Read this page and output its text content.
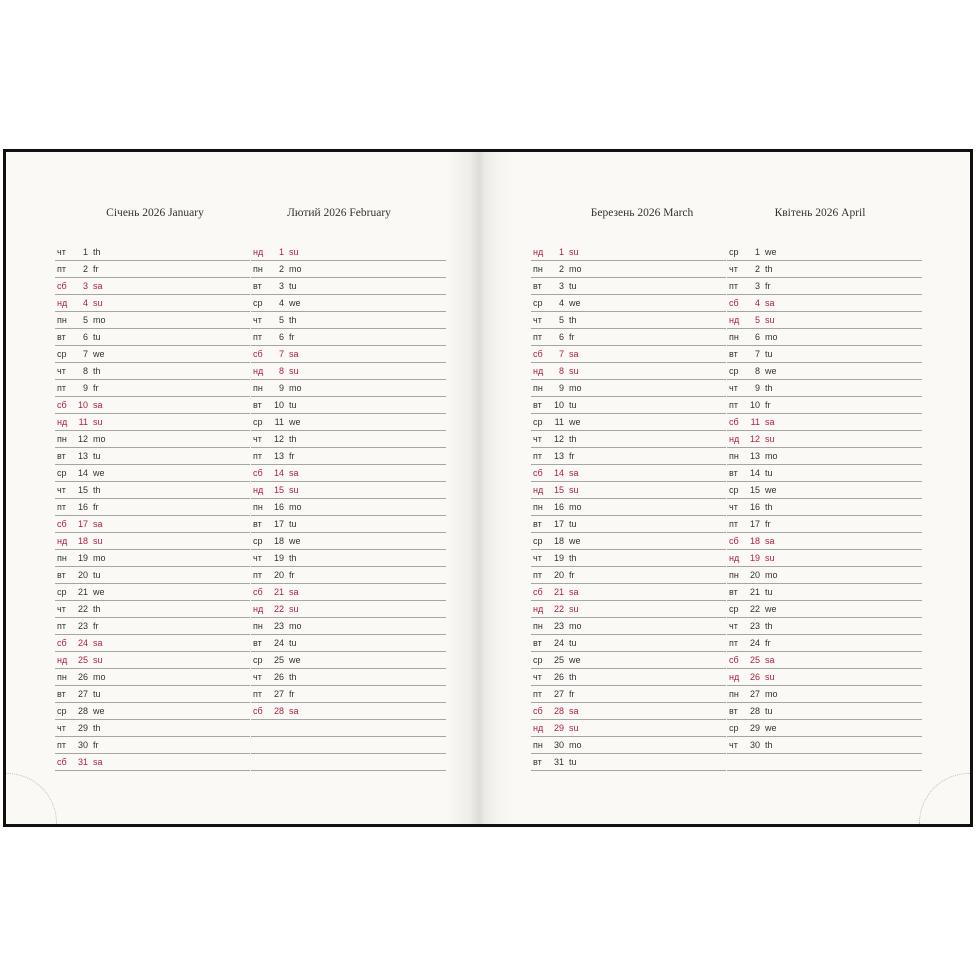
Січень 2026 January	Лютий 2026 February	Березень 2026 March	Квітень 2026 April
чт	1 th
пт	2 fr
сб	3 sa
нд	4 su
пн	5 mo
вт	6 tu
ср	7 we
чт	8 th
пт	9 fr
сб	10 sa
нд	11 su
пн	12 mo
вт	13 tu
ср	14 we
чт	15 th
пт	16 fr
сб	17 sa
нд	18 su
пн	19 mo
вт	20 tu
ср	21 we
чт	22 th
пт	23 fr
сб	24 sa
нд	25 su
пн	26 mo
вт	27 tu
ср	28 we
чт	29 th
пт	30 fr
сб	31 sa
нд	1 su
пн	2 mo
вт	3 tu
ср	4 we
чт	5 th
пт	6 fr
сб	7 sa
нд	8 su
пн	9 mo
вт	10 tu
ср	11 we
чт	12 th
пт	13 fr
сб	14 sa
нд	15 su
пн	16 mo
вт	17 tu
ср	18 we
чт	19 th
пт	20 fr
сб	21 sa
нд	22 su
пн	23 mo
вт	24 tu
ср	25 we
чт	26 th
пт	27 fr
сб	28 sa
нд	1 su
пн	2 mo
вт	3 tu
ср	4 we
чт	5 th
пт	6 fr
сб	7 sa
нд	8 su
пн	9 mo
вт	10 tu
ср	11 we
чт	12 th
пт	13 fr
сб	14 sa
нд	15 su
пн	16 mo
вт	17 tu
ср	18 we
чт	19 th
пт	20 fr
сб	21 sa
нд	22 su
пн	23 mo
вт	24 tu
ср	25 we
чт	26 th
пт	27 fr
сб	28 sa
нд	29 su
пн	30 mo
вт	31 tu
ср	1 we
чт	2 th
пт	3 fr
сб	4 sa
нд	5 su
пн	6 mo
вт	7 tu
ср	8 we
чт	9 th
пт	10 fr
сб	11 sa
нд	12 su
пн	13 mo
вт	14 tu
ср	15 we
чт	16 th
пт	17 fr
сб	18 sa
нд	19 su
пн	20 mo
вт	21 tu
ср	22 we
чт	23 th
пт	24 fr
сб	25 sa
нд	26 su
пн	27 mo
вт	28 tu
ср	29 we
чт	30 th
